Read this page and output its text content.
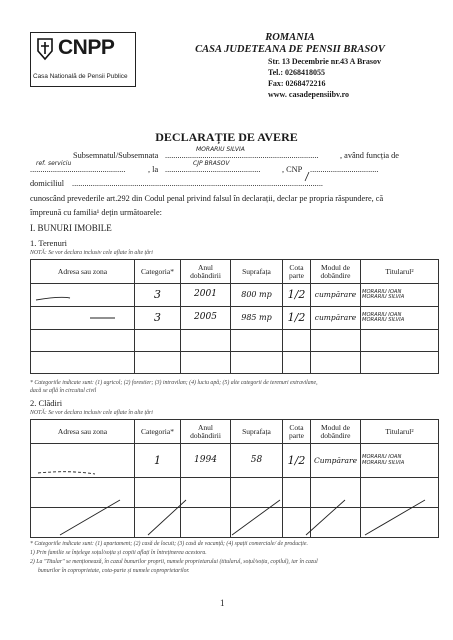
CNPP
Casa Natională de Pensii Publice
ROMANIA
CASA JUDETEANA DE PENSII BRASOV
Str. 13 Decembrie nr.43 A Brasov
Tel.: 0268418055
Fax: 0268472216
www. casadepensiibv.ro
DECLARAȚIE DE AVERE
Subsemnatul/Subsemnata ..........................................................................
MORARIU SILVIA
, având funcția de
..............................................
ref. serviciu
, la ..............................................
CJP BRASOV
, CNP .................................
domiciliul .........................................................................................................................
cunoscând prevederile art.292 din Codul penal privind falsul în declarații, declar pe propria răspundere, că
împreună cu familia¹ dețin următoarele:
I. BUNURI IMOBILE
1. Terenuri
NOTĂ: Se vor declara inclusiv cele aflate în alte țări
Adresa sau zona	Categoria*	Anul dobândirii	Suprafața	Cota parte	Modul de dobândire	Titularul²
	3	2001	800 mp	1/2	cumpărare	MORARIU IOAN
MORARIU SILVIA

	3	2005	985 mp	1/2	cumpărare	MORARIU IOAN
MORARIU SILVIA

* Categoriile indicate sunt: (1) agricol; (2) forestier; (3) intravilan; (4) luciu apă; (5) alte categorii de terenuri extravilane,
dacă se află în circuitul civil
2. Clădiri
NOTĂ: Se vor declara inclusiv cele aflate în alte țări
Adresa sau zona	Categoria*	Anul dobândirii	Suprafața	Cota parte	Modul de dobândire	Titularul²
	1	1994	58	1/2	Cumpărare	MORARIU IOAN
MORARIU SILVIA

* Categoriile indicate sunt: (1) apartament; (2) casă de locuit; (3) casă de vacanță; (4) spații comerciale/ de producție.
1) Prin familie se înțelege soțul/soția și copiii aflați în întreținerea acestora.
2) La "Titular" se menționează, în cazul bunurilor proprii, numele proprietarului (titularul, soțul/soția, copilul), iar în cazul
bunurilor în coproprietate, cota-parte și numele coproprietarilor.
1
